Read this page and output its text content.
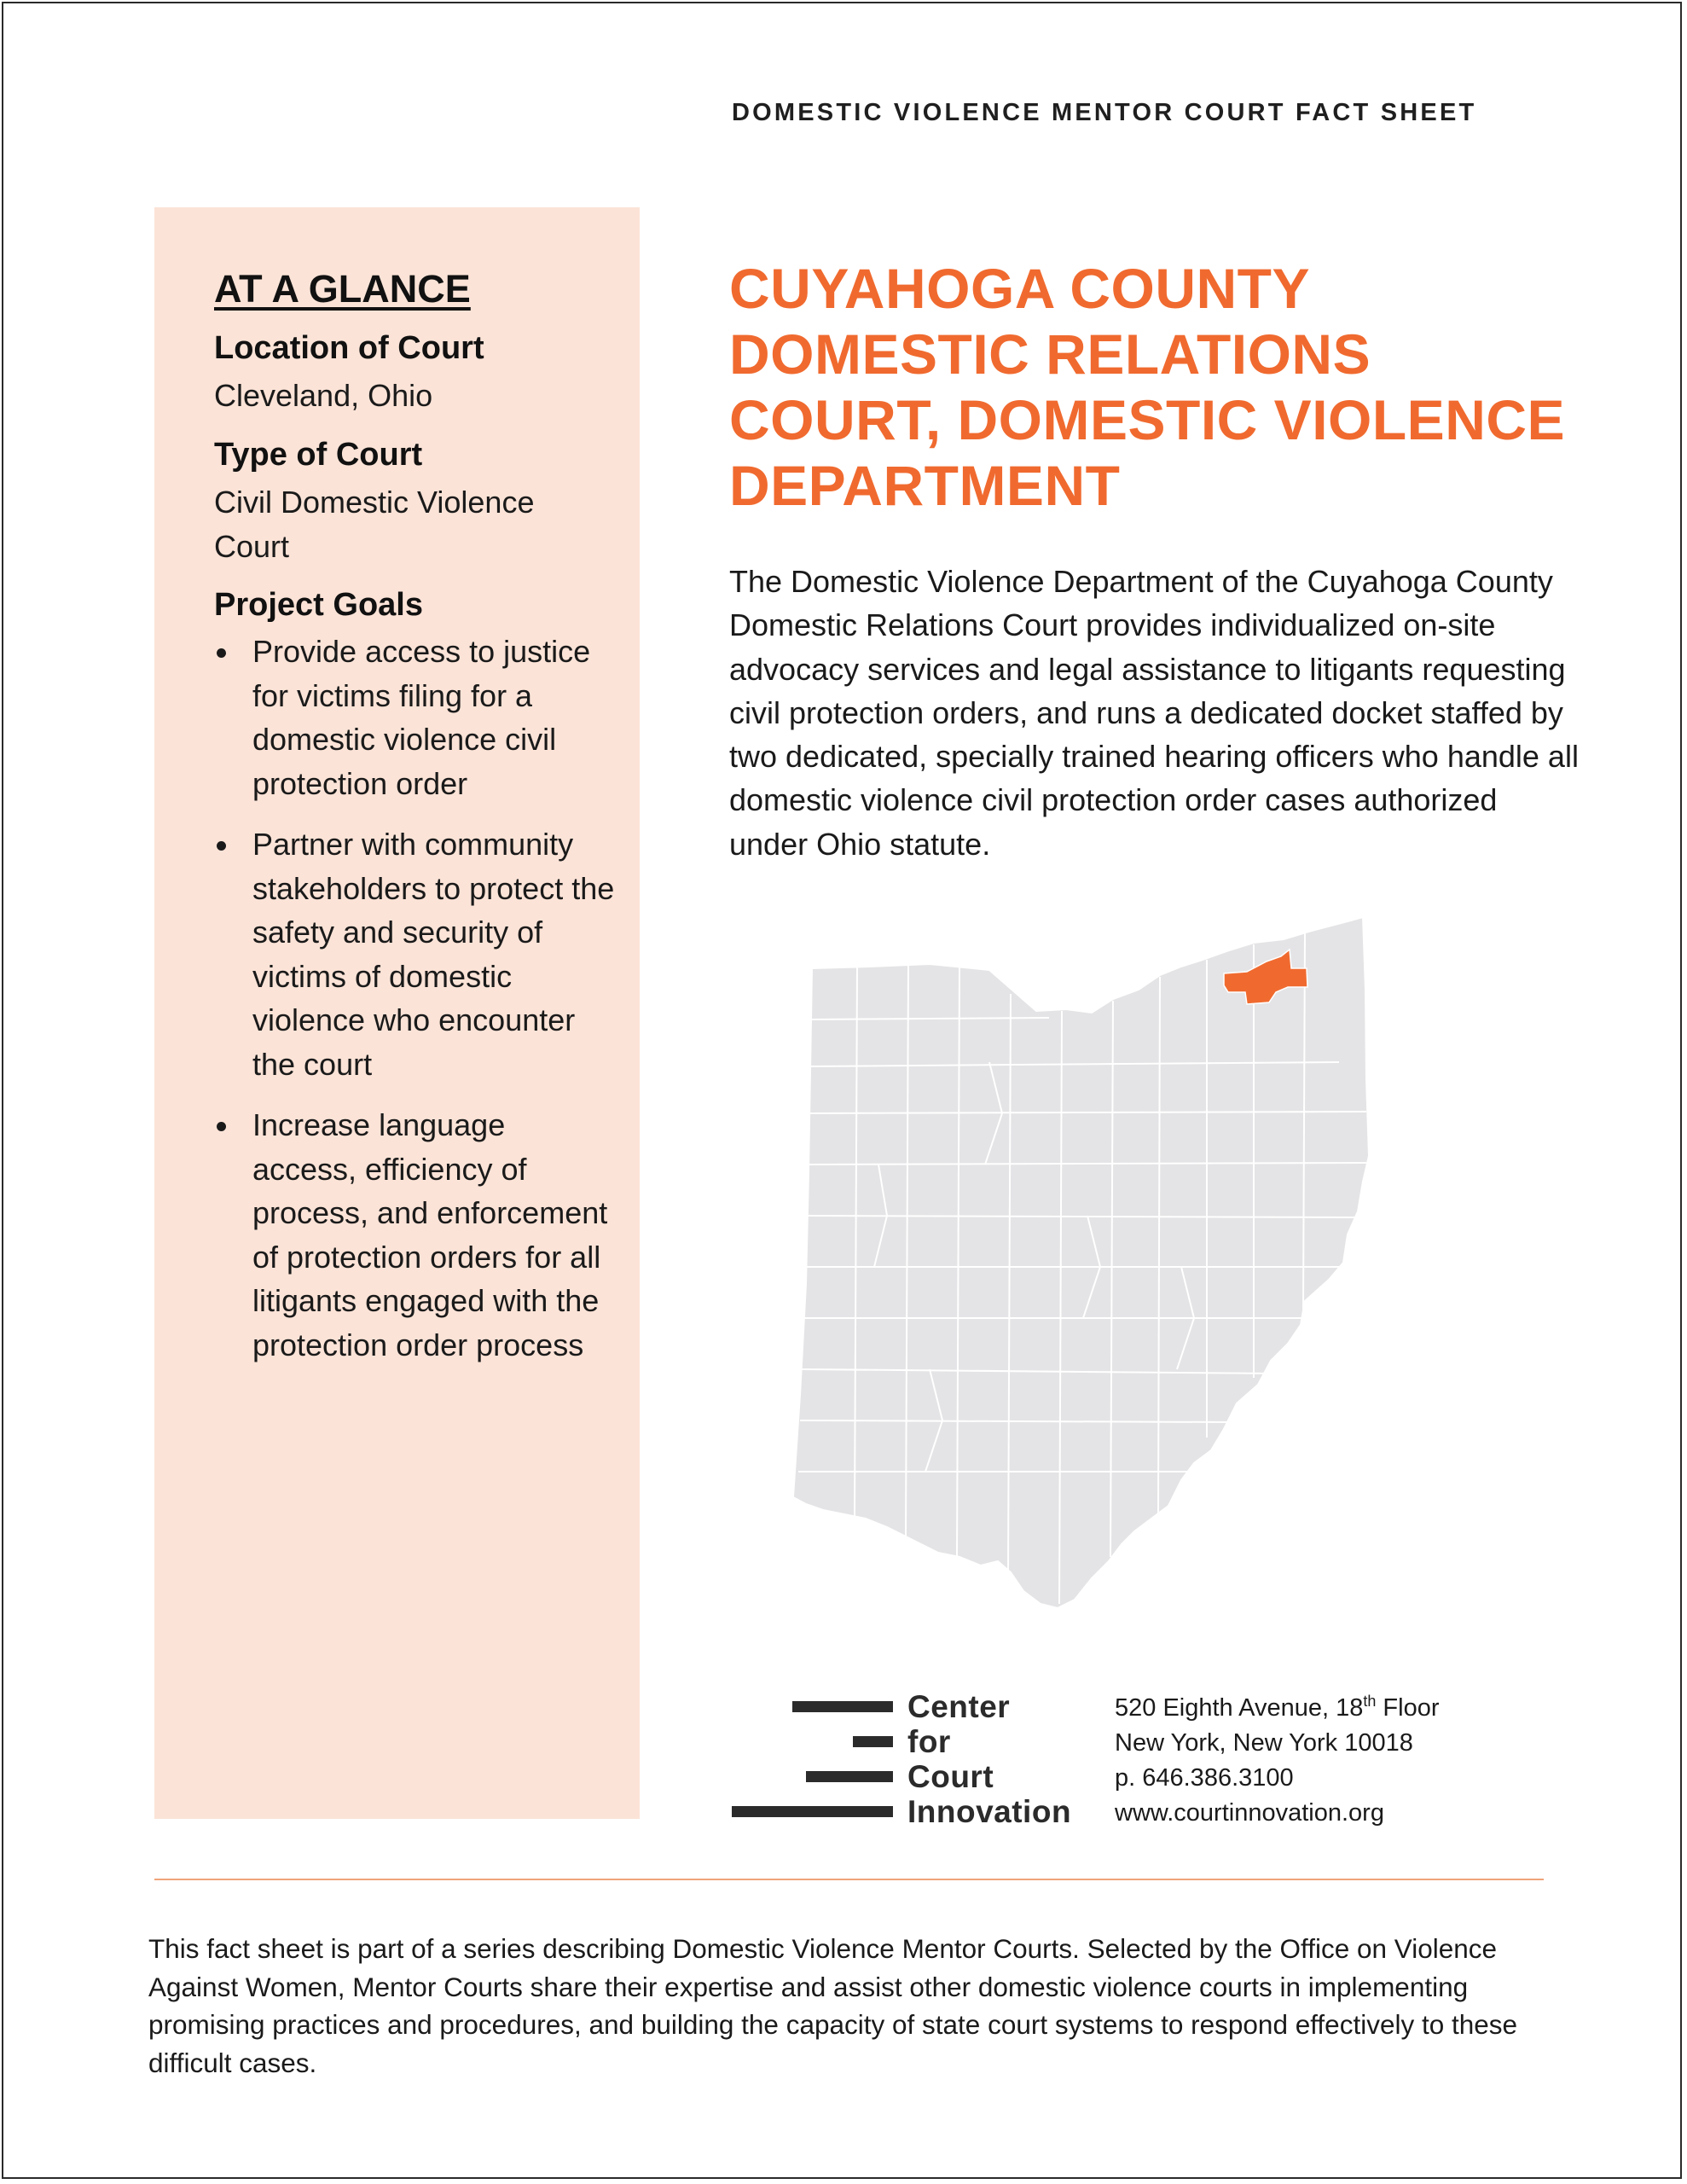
DOMESTIC VIOLENCE MENTOR COURT FACT SHEET
AT A GLANCE
Location of Court
Cleveland, Ohio
Type of Court
Civil Domestic Violence Court
Project Goals
Provide access to justice for victims filing for a domestic violence civil protection order
Partner with community stakeholders to protect the safety and security of victims of domestic violence who encounter the court
Increase language access, efficiency of process, and enforcement of protection orders for all litigants engaged with the protection order process
CUYAHOGA COUNTY DOMESTIC RELATIONS COURT, DOMESTIC VIOLENCE DEPARTMENT

The Domestic Violence Department of the Cuyahoga County Domestic Relations Court provides individualized on-site advocacy services and legal assistance to litigants requesting civil protection orders, and runs a dedicated docket staffed by two dedicated, specially trained hearing officers who handle all domestic violence civil protection order cases authorized under Ohio statute.

Center
for
Court
Innovation
520 Eighth Avenue, 18th Floor
New York, New York 10018
p. 646.386.3100
www.courtinnovation.org

This fact sheet is part of a series describing Domestic Violence Mentor Courts. Selected by the Office on Violence Against Women, Mentor Courts share their expertise and assist other domestic violence courts in implementing promising practices and procedures, and building the capacity of state court systems to respond effectively to these difficult cases.
